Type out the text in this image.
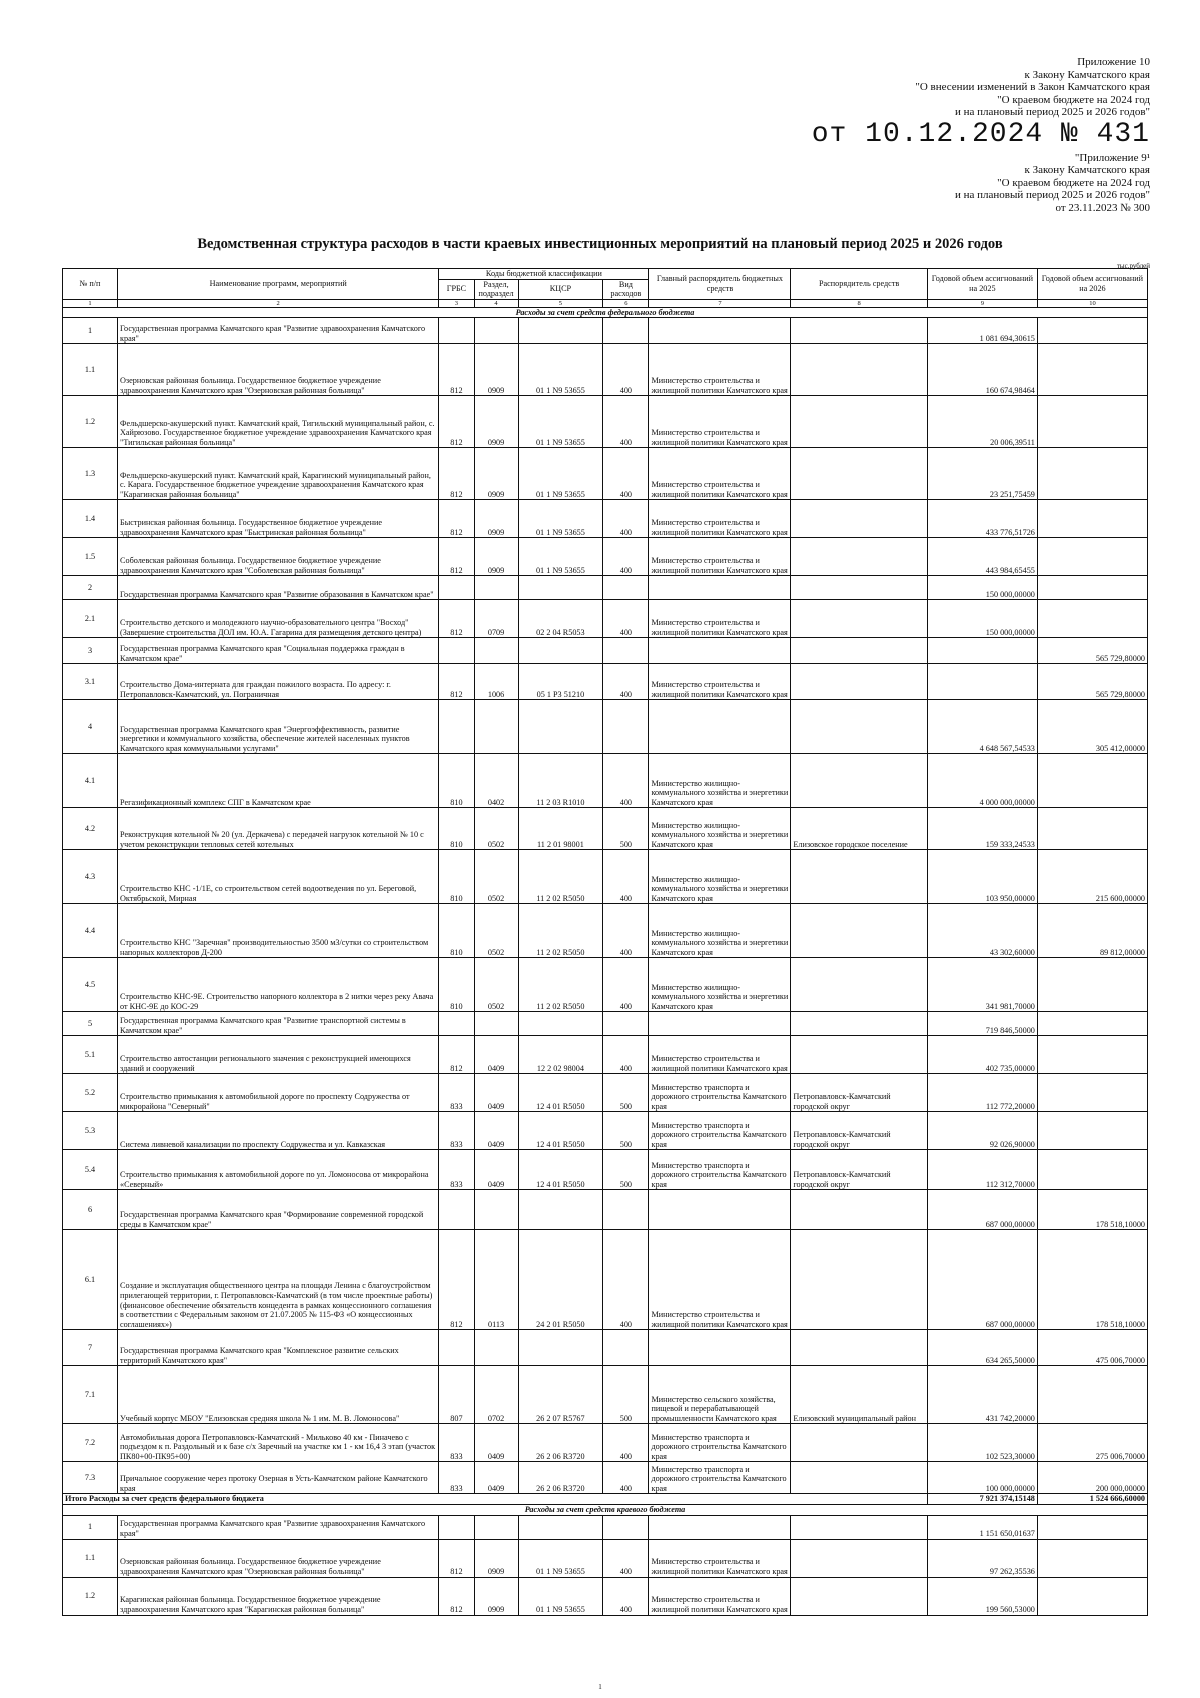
Приложение 10
к Закону Камчатского края
"О внесении изменений в Закон Камчатского края
"О краевом бюджете на 2024 год
и на плановый период 2025 и 2026 годов"
от 10.12.2024 № 431
"Приложение 9¹
к Закону Камчатского края
"О краевом бюджете на 2024 год
и на плановый период 2025 и 2026 годов"
от 23.11.2023 № 300
Ведомственная структура расходов в части краевых инвестиционных мероприятий на плановый период 2025 и 2026 годов
тыс.рублей
№ п/п	Наименование программ, мероприятий	Коды бюджетной классификации				Главный распорядитель бюджетных средств	Распорядитель средств	Годовой объем ассигнований на 2025	Годовой объем ассигнований на 2026
		ГРБС	Раздел, подраздел	КЦСР	Вид расходов				
1	2	3	4	5	6	7	8	9	10
Расходы за счет средств федерального бюджета									
1	Государственная программа Камчатского края "Развитие здравоохранения Камчатского края"							1 081 694,30615	
1.1	Озерновская районная больница. Государственное бюджетное учреждение здравоохранения Камчатского края "Озерновская районная больница"	812	0909	01 1 N9 53655	400	Министерство строительства и жилищной политики Камчатского края		160 674,98464	
1.2	Фельдшерско-акушерский пункт. Камчатский край, Тигильский муниципальный район, с. Хайрюзово. Государственное бюджетное учреждение здравоохранения Камчатского края "Тигильская районная больница"	812	0909	01 1 N9 53655	400	Министерство строительства и жилищной политики Камчатского края		20 006,39511	
1.3	Фельдшерско-акушерский пункт. Камчатский край, Карагинский муниципальный район, с. Карага. Государственное бюджетное учреждение здравоохранения Камчатского края "Карагинская районная больница"	812	0909	01 1 N9 53655	400	Министерство строительства и жилищной политики Камчатского края		23 251,75459	
1.4	Быстринская районная больница. Государственное бюджетное учреждение здравоохранения Камчатского края "Быстринская районная больница"	812	0909	01 1 N9 53655	400	Министерство строительства и жилищной политики Камчатского края		433 776,51726	
1.5	Соболевская районная больница. Государственное бюджетное учреждение здравоохранения Камчатского края "Соболевская районная больница"	812	0909	01 1 N9 53655	400	Министерство строительства и жилищной политики Камчатского края		443 984,65455	
2	Государственная программа Камчатского края "Развитие образования в Камчатском крае"							150 000,00000	
2.1	Строительство детского и молодежного научно-образовательного центра "Восход" (Завершение строительства ДОЛ им. Ю.А. Гагарина для размещения детского центра)	812	0709	02 2 04 R5053	400	Министерство строительства и жилищной политики Камчатского края		150 000,00000	
3	Государственная программа Камчатского края "Социальная поддержка граждан в Камчатском крае"								565 729,80000
3.1	Строительство Дома-интерната для граждан пожилого возраста. По адресу: г. Петропавловск-Камчатский, ул. Пограничная	812	1006	05 1 P3 51210	400	Министерство строительства и жилищной политики Камчатского края			565 729,80000
4	Государственная программа Камчатского края "Энергоэффективность, развитие энергетики и коммунального хозяйства, обеспечение жителей населенных пунктов Камчатского края коммунальными услугами"							4 648 567,54533	305 412,00000
4.1	Регазификационный комплекс СПГ в Камчатском крае	810	0402	11 2 03 R1010	400	Министерство жилищно-коммунального хозяйства и энергетики Камчатского края		4 000 000,00000	
4.2	Реконструкция котельной № 20 (ул. Деркачева) с передачей нагрузок котельной № 10 с учетом реконструкции тепловых сетей котельных	810	0502	11 2 01 98001	500	Министерство жилищно-коммунального хозяйства и энергетики Камчатского края	Елизовское городское поселение	159 333,24533	
4.3	Строительство КНС -1/1Е, со строительством сетей водоотведения по ул. Береговой, Октябрьской, Мирная	810	0502	11 2 02 R5050	400	Министерство жилищно-коммунального хозяйства и энергетики Камчатского края		103 950,00000	215 600,00000
4.4	Строительство КНС "Заречная" производительностью 3500 м3/сутки со строительством напорных коллекторов Д-200	810	0502	11 2 02 R5050	400	Министерство жилищно-коммунального хозяйства и энергетики Камчатского края		43 302,60000	89 812,00000
4.5	Строительство КНС-9Е. Строительство напорного коллектора в 2 нитки через реку Авача от КНС-9Е до КОС-29	810	0502	11 2 02 R5050	400	Министерство жилищно-коммунального хозяйства и энергетики Камчатского края		341 981,70000	
5	Государственная программа Камчатского края "Развитие транспортной системы в Камчатском крае"							719 846,50000	
5.1	Строительство автостанции регионального значения с реконструкцией имеющихся зданий и сооружений	812	0409	12 2 02 98004	400	Министерство строительства и жилищной политики Камчатского края		402 735,00000	
5.2	Строительство примыкания к автомобильной дороге по проспекту Содружества от микрорайона "Северный"	833	0409	12 4 01 R5050	500	Министерство транспорта и дорожного строительства Камчатского края	Петропавловск-Камчатский городской округ	112 772,20000	
5.3	Система ливневой канализации по проспекту Содружества и ул. Кавказская	833	0409	12 4 01 R5050	500	Министерство транспорта и дорожного строительства Камчатского края	Петропавловск-Камчатский городской округ	92 026,90000	
5.4	Строительство примыкания к автомобильной дороге по ул. Ломоносова от микрорайона «Северный»	833	0409	12 4 01 R5050	500	Министерство транспорта и дорожного строительства Камчатского края	Петропавловск-Камчатский городской округ	112 312,70000	
6	Государственная программа Камчатского края "Формирование современной городской среды в Камчатском крае"							687 000,00000	178 518,10000
6.1	Создание и эксплуатация общественного центра на площади Ленина с благоустройством прилегающей территории, г. Петропавловск-Камчатский (в том числе проектные работы) (финансовое обеспечение обязательств концедента в рамках концессионного соглашения в соответствии с Федеральным законом от 21.07.2005 № 115-ФЗ «О концессионных соглашениях»)	812	0113	24 2 01 R5050	400	Министерство строительства и жилищной политики Камчатского края		687 000,00000	178 518,10000
7	Государственная программа Камчатского края "Комплексное развитие сельских территорий Камчатского края"							634 265,50000	475 006,70000
7.1	Учебный корпус МБОУ "Елизовская средняя школа № 1 им. М. В. Ломоносова"	807	0702	26 2 07 R5767	500	Министерство сельского хозяйства, пищевой и перерабатывающей промышленности Камчатского края	Елизовский муниципальный район	431 742,20000	
7.2	Автомобильная дорога Петропавловск-Камчатский - Мильково 40 км - Пиначево с подъездом к п. Раздольный и к базе с/х Заречный на участке км 1 - км 16,4 3 этап (участок ПК80+00-ПК95+00)	833	0409	26 2 06 R3720	400	Министерство транспорта и дорожного строительства Камчатского края		102 523,30000	275 006,70000
7.3	Причальное сооружение через протоку Озерная в Усть-Камчатском районе Камчатского края	833	0409	26 2 06 R3720	400	Министерство транспорта и дорожного строительства Камчатского края		100 000,00000	200 000,00000
Итого Расходы за счет средств федерального бюджета								7 921 374,15148	1 524 666,60000
Расходы за счет средств краевого бюджета									
1	Государственная программа Камчатского края "Развитие здравоохранения Камчатского края"							1 151 650,01637	
1.1	Озерновская районная больница. Государственное бюджетное учреждение здравоохранения Камчатского края "Озерновская районная больница"	812	0909	01 1 N9 53655	400	Министерство строительства и жилищной политики Камчатского края		97 262,35536	
1.2	Карагинская районная больница. Государственное бюджетное учреждение здравоохранения Камчатского края "Карагинская районная больница"	812	0909	01 1 N9 53655	400	Министерство строительства и жилищной политики Камчатского края		199 560,53000	
1
